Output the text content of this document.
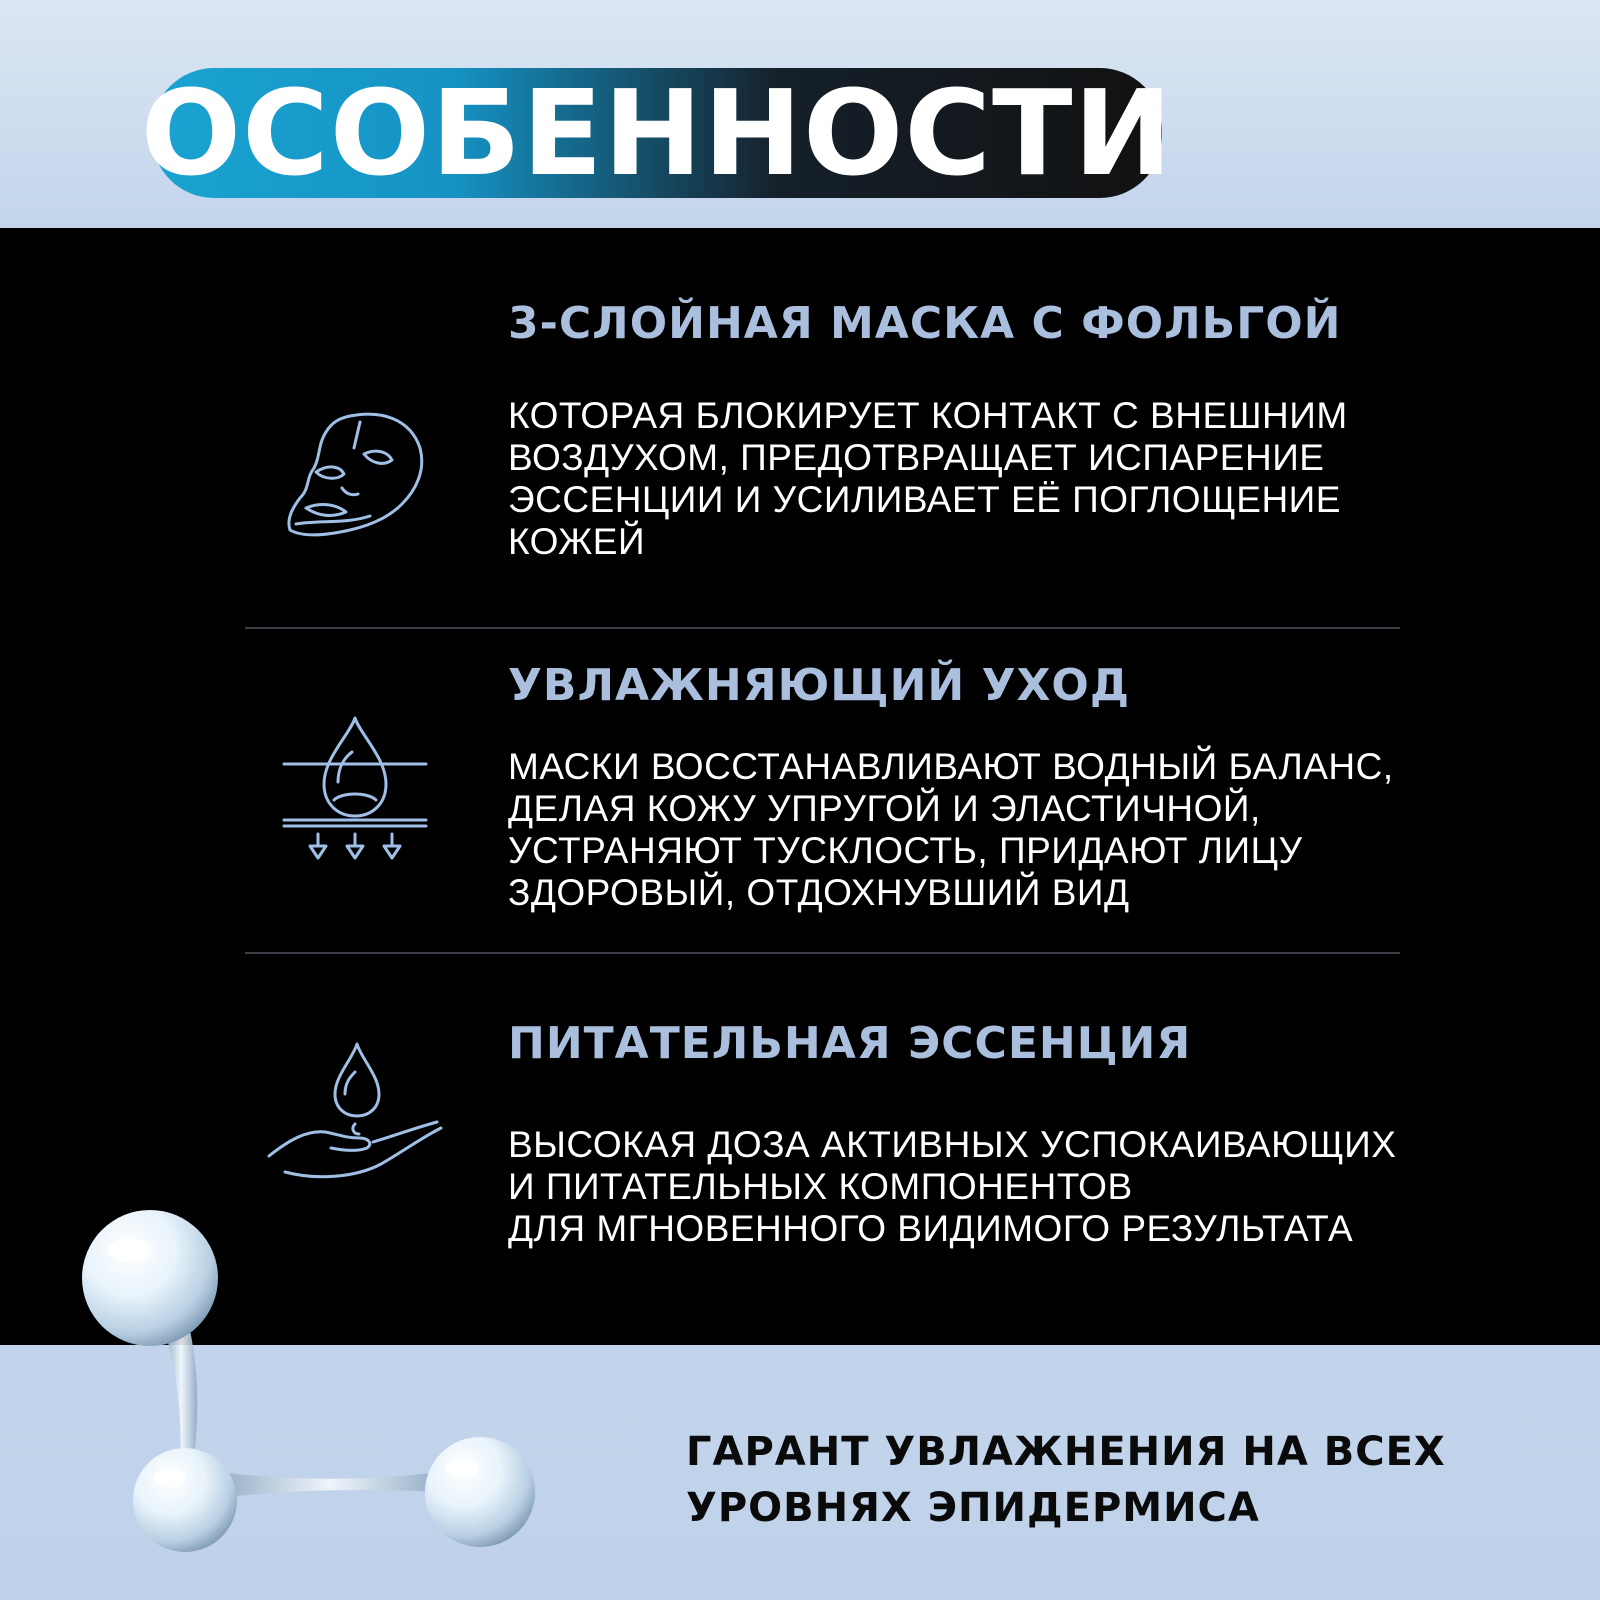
ОСОБЕННОСТИ
3-СЛОЙНАЯ МАСКА С ФОЛЬГОЙ
КОТОРАЯ БЛОКИРУЕТ КОНТАКТ С ВНЕШНИМ
ВОЗДУХОМ, ПРЕДОТВРАЩАЕТ ИСПАРЕНИЕ
ЭССЕНЦИИ И УСИЛИВАЕТ ЕЁ ПОГЛОЩЕНИЕ
КОЖЕЙ
УВЛАЖНЯЮЩИЙ УХОД
МАСКИ ВОССТАНАВЛИВАЮТ ВОДНЫЙ БАЛАНС,
ДЕЛАЯ КОЖУ УПРУГОЙ И ЭЛАСТИЧНОЙ,
УСТРАНЯЮТ ТУСКЛОСТЬ, ПРИДАЮТ ЛИЦУ
ЗДОРОВЫЙ, ОТДОХНУВШИЙ ВИД
ПИТАТЕЛЬНАЯ ЭССЕНЦИЯ
ВЫСОКАЯ ДОЗА АКТИВНЫХ УСПОКАИВАЮЩИХ
И ПИТАТЕЛЬНЫХ КОМПОНЕНТОВ
ДЛЯ МГНОВЕННОГО ВИДИМОГО РЕЗУЛЬТАТА
ГАРАНТ УВЛАЖНЕНИЯ НА ВСЕХ
УРОВНЯХ ЭПИДЕРМИСА
